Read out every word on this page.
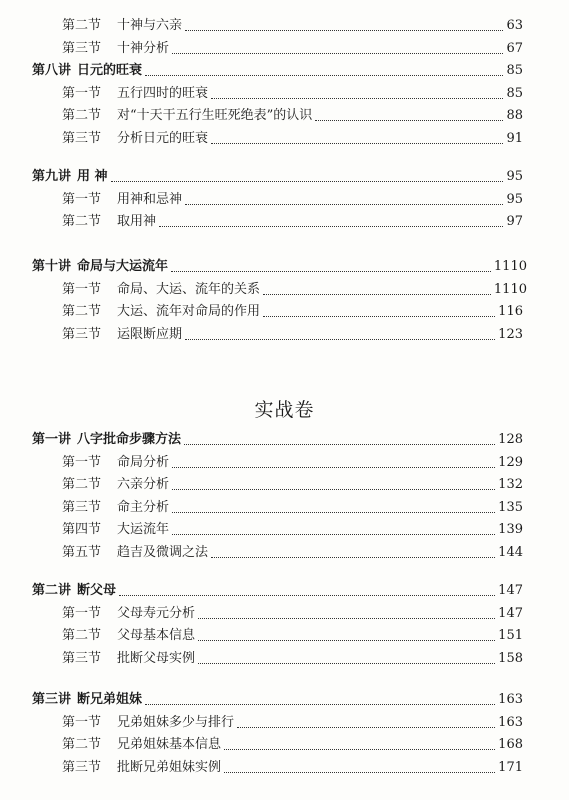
第二节 十神与六亲	63
第三节 十神分析	67
第八讲 日元的旺衰	85
第一节 五行四时的旺衰	85
第二节 对“十天干五行生旺死绝表”的认识	88
第三节 分析日元的旺衰	91
第九讲 用 神	95
第一节 用神和忌神	95
第二节 取用神	97
第十讲 命局与大运流年	1110
第一节 命局、大运、流年的关系	1110
第二节 大运、流年对命局的作用	116
第三节 运限断应期	123
第一讲 八字批命步骤方法	128
第一节 命局分析	129
第二节 六亲分析	132
第三节 命主分析	135
第四节 大运流年	139
第五节 趋吉及微调之法	144
第二讲 断父母	147
第一节 父母寿元分析	147
第二节 父母基本信息	151
第三节 批断父母实例	158
第三讲 断兄弟姐妹	163
第一节 兄弟姐妹多少与排行	163
第二节 兄弟姐妹基本信息	168
第三节 批断兄弟姐妹实例	171
实战卷
